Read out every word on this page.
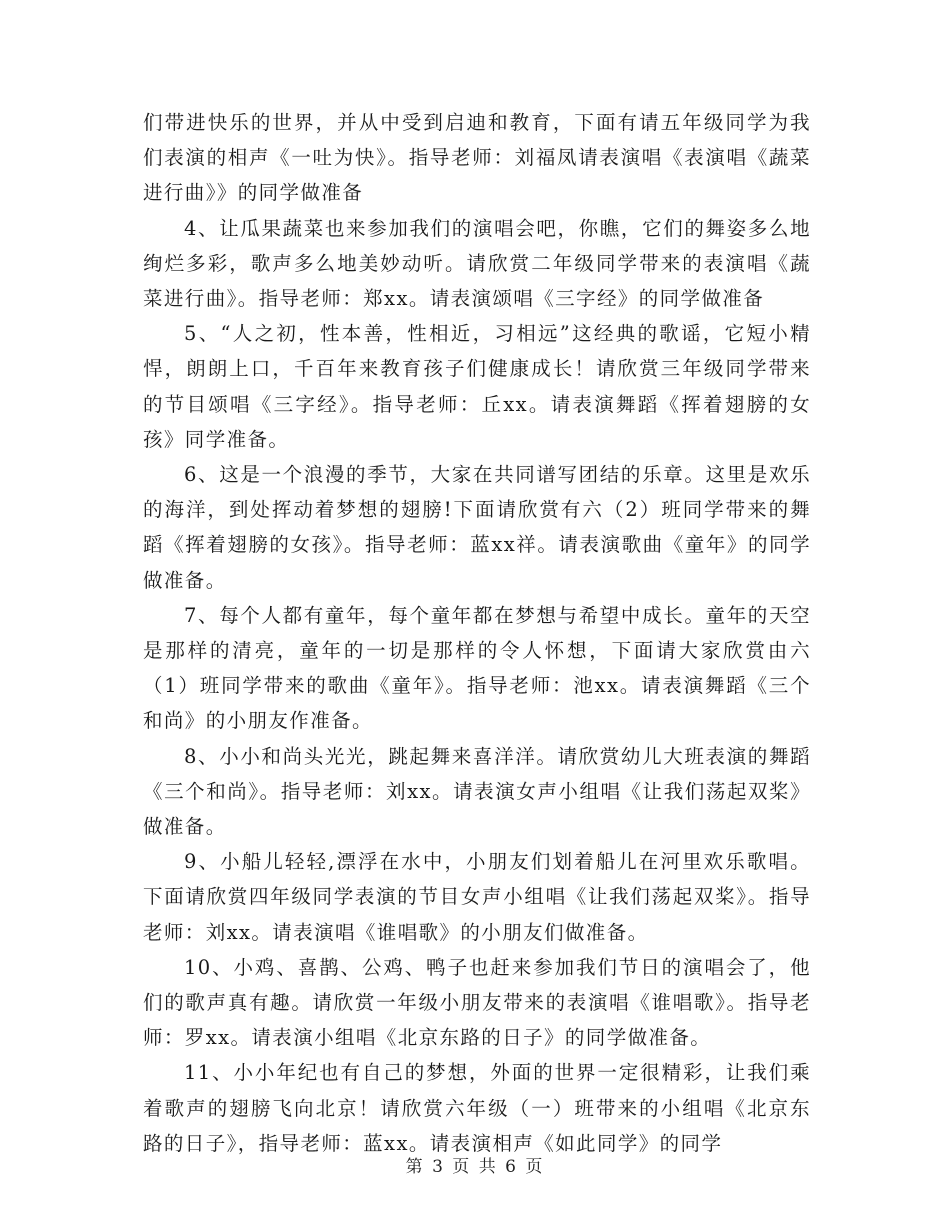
们带进快乐的世界，并从中受到启迪和教育，下面有请五年级同学为我们表演的相声《一吐为快》。指导老师：刘福凤请表演唱《表演唱《蔬菜进行曲》》的同学做准备

4、让瓜果蔬菜也来参加我们的演唱会吧，你瞧，它们的舞姿多么地绚烂多彩，歌声多么地美妙动听。请欣赏二年级同学带来的表演唱《蔬菜进行曲》。指导老师：郑xx。请表演颂唱《三字经》的同学做准备

5、“人之初，性本善，性相近，习相远”这经典的歌谣，它短小精悍，朗朗上口，千百年来教育孩子们健康成长！请欣赏三年级同学带来的节目颂唱《三字经》。指导老师：丘xx。请表演舞蹈《挥着翅膀的女孩》同学准备。

6、这是一个浪漫的季节，大家在共同谱写团结的乐章。这里是欢乐的海洋，到处挥动着梦想的翅膀!下面请欣赏有六（2）班同学带来的舞蹈《挥着翅膀的女孩》。指导老师：蓝xx祥。请表演歌曲《童年》的同学做准备。

7、每个人都有童年，每个童年都在梦想与希望中成长。童年的天空是那样的清亮，童年的一切是那样的令人怀想，下面请大家欣赏由六（1）班同学带来的歌曲《童年》。指导老师：池xx。请表演舞蹈《三个和尚》的小朋友作准备。

8、小小和尚头光光，跳起舞来喜洋洋。请欣赏幼儿大班表演的舞蹈《三个和尚》。指导老师：刘xx。请表演女声小组唱《让我们荡起双桨》做准备。

9、小船儿轻轻,漂浮在水中，小朋友们划着船儿在河里欢乐歌唱。下面请欣赏四年级同学表演的节目女声小组唱《让我们荡起双桨》。指导老师：刘xx。请表演唱《谁唱歌》的小朋友们做准备。

10、小鸡、喜鹊、公鸡、鸭子也赶来参加我们节日的演唱会了，他们的歌声真有趣。请欣赏一年级小朋友带来的表演唱《谁唱歌》。指导老师：罗xx。请表演小组唱《北京东路的日子》的同学做准备。

11、小小年纪也有自己的梦想，外面的世界一定很精彩，让我们乘着歌声的翅膀飞向北京！请欣赏六年级（一）班带来的小组唱《北京东路的日子》，指导老师：蓝xx。请表演相声《如此同学》的同学

第 3 页 共 6 页
